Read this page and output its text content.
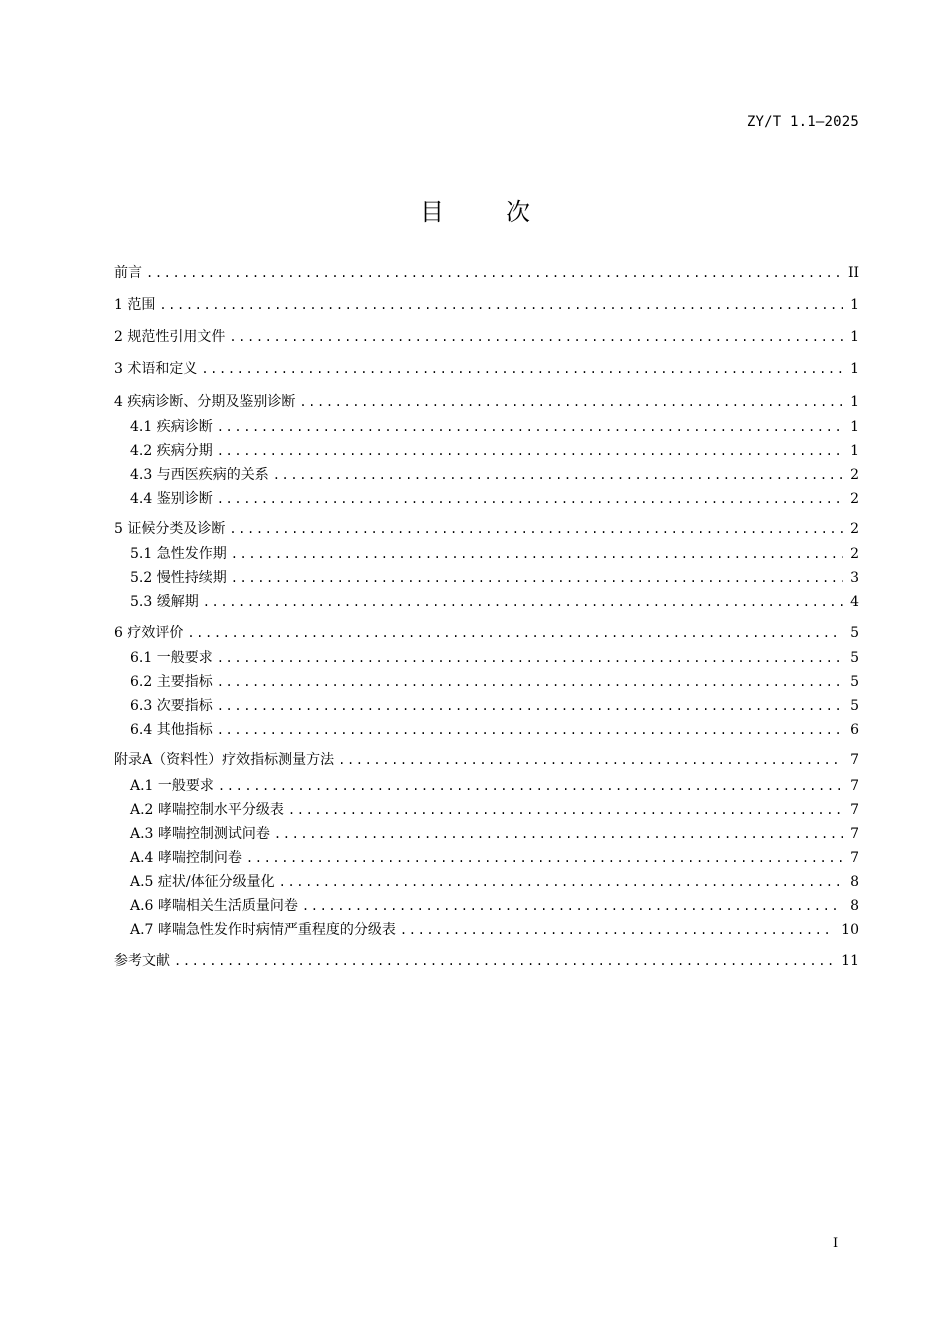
ZY/T 1.1—2025
目次
前言 .....	II
1 范围 .....	1
2 规范性引用文件 .....	1
3 术语和定义 .....	1
4 疾病诊断、分期及鉴别诊断 .....	1
4.1 疾病诊断 .....	1
4.2 疾病分期 .....	1
4.3 与西医疾病的关系 .....	2
4.4 鉴别诊断 .....	2
5 证候分类及诊断 .....	2
5.1 急性发作期 .....	2
5.2 慢性持续期 .....	3
5.3 缓解期 .....	4
6 疗效评价 .....	5
6.1 一般要求 .....	5
6.2 主要指标 .....	5
6.3 次要指标 .....	5
6.4 其他指标 .....	6
附录A（资料性）疗效指标测量方法 .....	7
A.1 一般要求 .....	7
A.2 哮喘控制水平分级表 .....	7
A.3 哮喘控制测试问卷 .....	7
A.4 哮喘控制问卷 .....	7
A.5 症状/体征分级量化 .....	8
A.6 哮喘相关生活质量问卷 .....	8
A.7 哮喘急性发作时病情严重程度的分级表 .....	10
参考文献 .....	11
I
